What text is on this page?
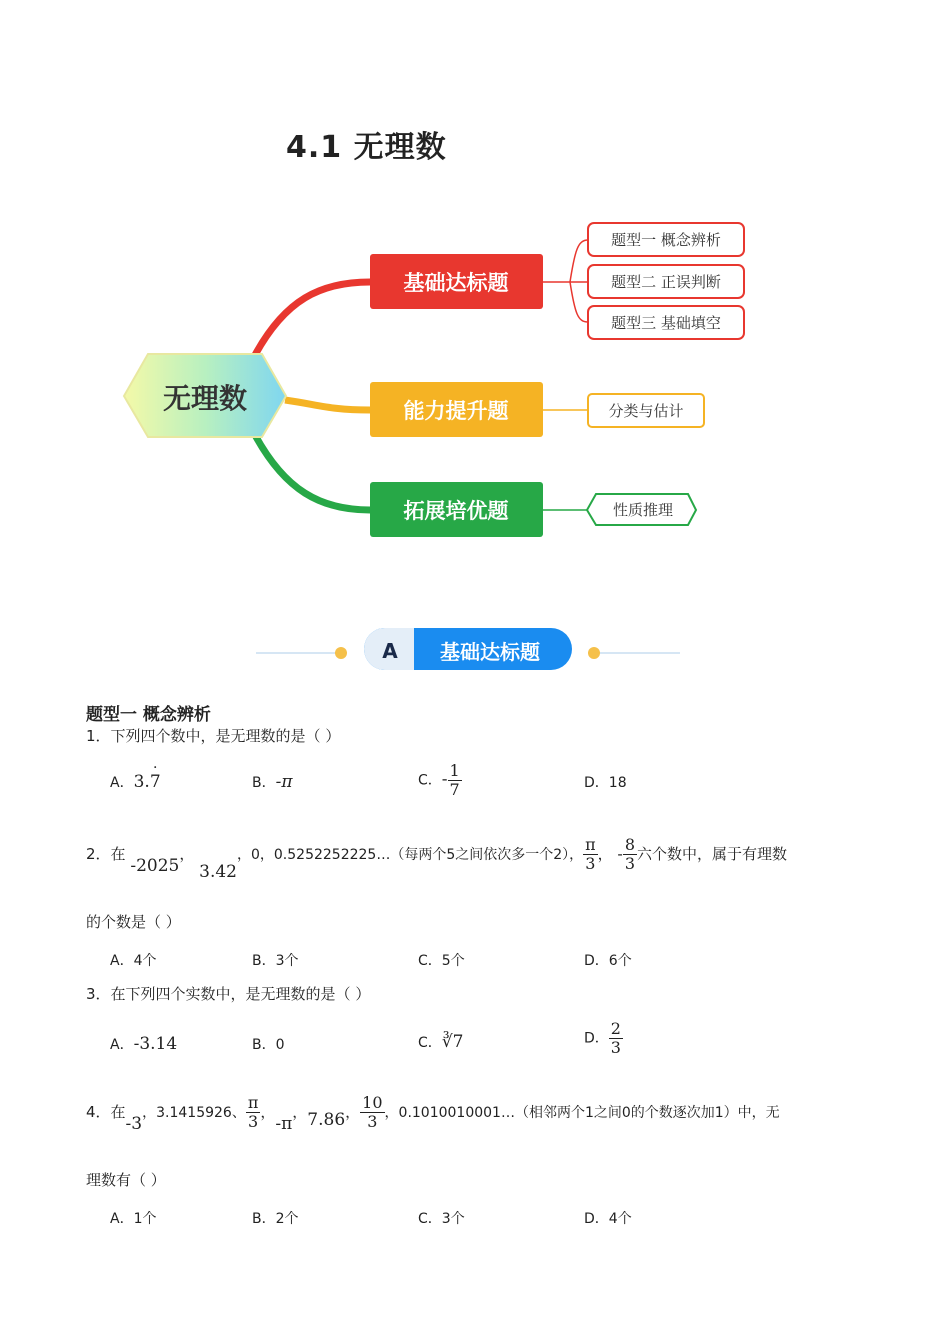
4.1 无理数
无理数
基础达标题
能力提升题
拓展培优题
题型一 概念辨析
题型二 正误判断
题型三 基础填空
分类与估计
性质推理
A 基础达标题
题型一 概念辨析
1．下列四个数中，是无理数的是（ ）
A．3.· 7	B．-π	C．- $\frac{1}{7}$	D．18
2．在 -2025， 3.42，0，0.5252252225…（每两个5之间依次多一个2）， $\frac{\pi}{3}$ ， - $\frac{8}{3}$ 六个数中，属于有理数
的个数是（ ）
A．4个	B．3个	C．5个	D．6个
3．在下列四个实数中，是无理数的是（ ）
A．-3.14	B．0	C．∛7	D． $\frac{2}{3}$
4．在-3，3.1415926、 $\frac{\pi}{3}$ ，-π，7.86， $\frac{10}{3}$ ，0.1010010001…（相邻两个1之间0的个数逐次加1）中，无
理数有（ ）
A．1个	B．2个	C．3个	D．4个
